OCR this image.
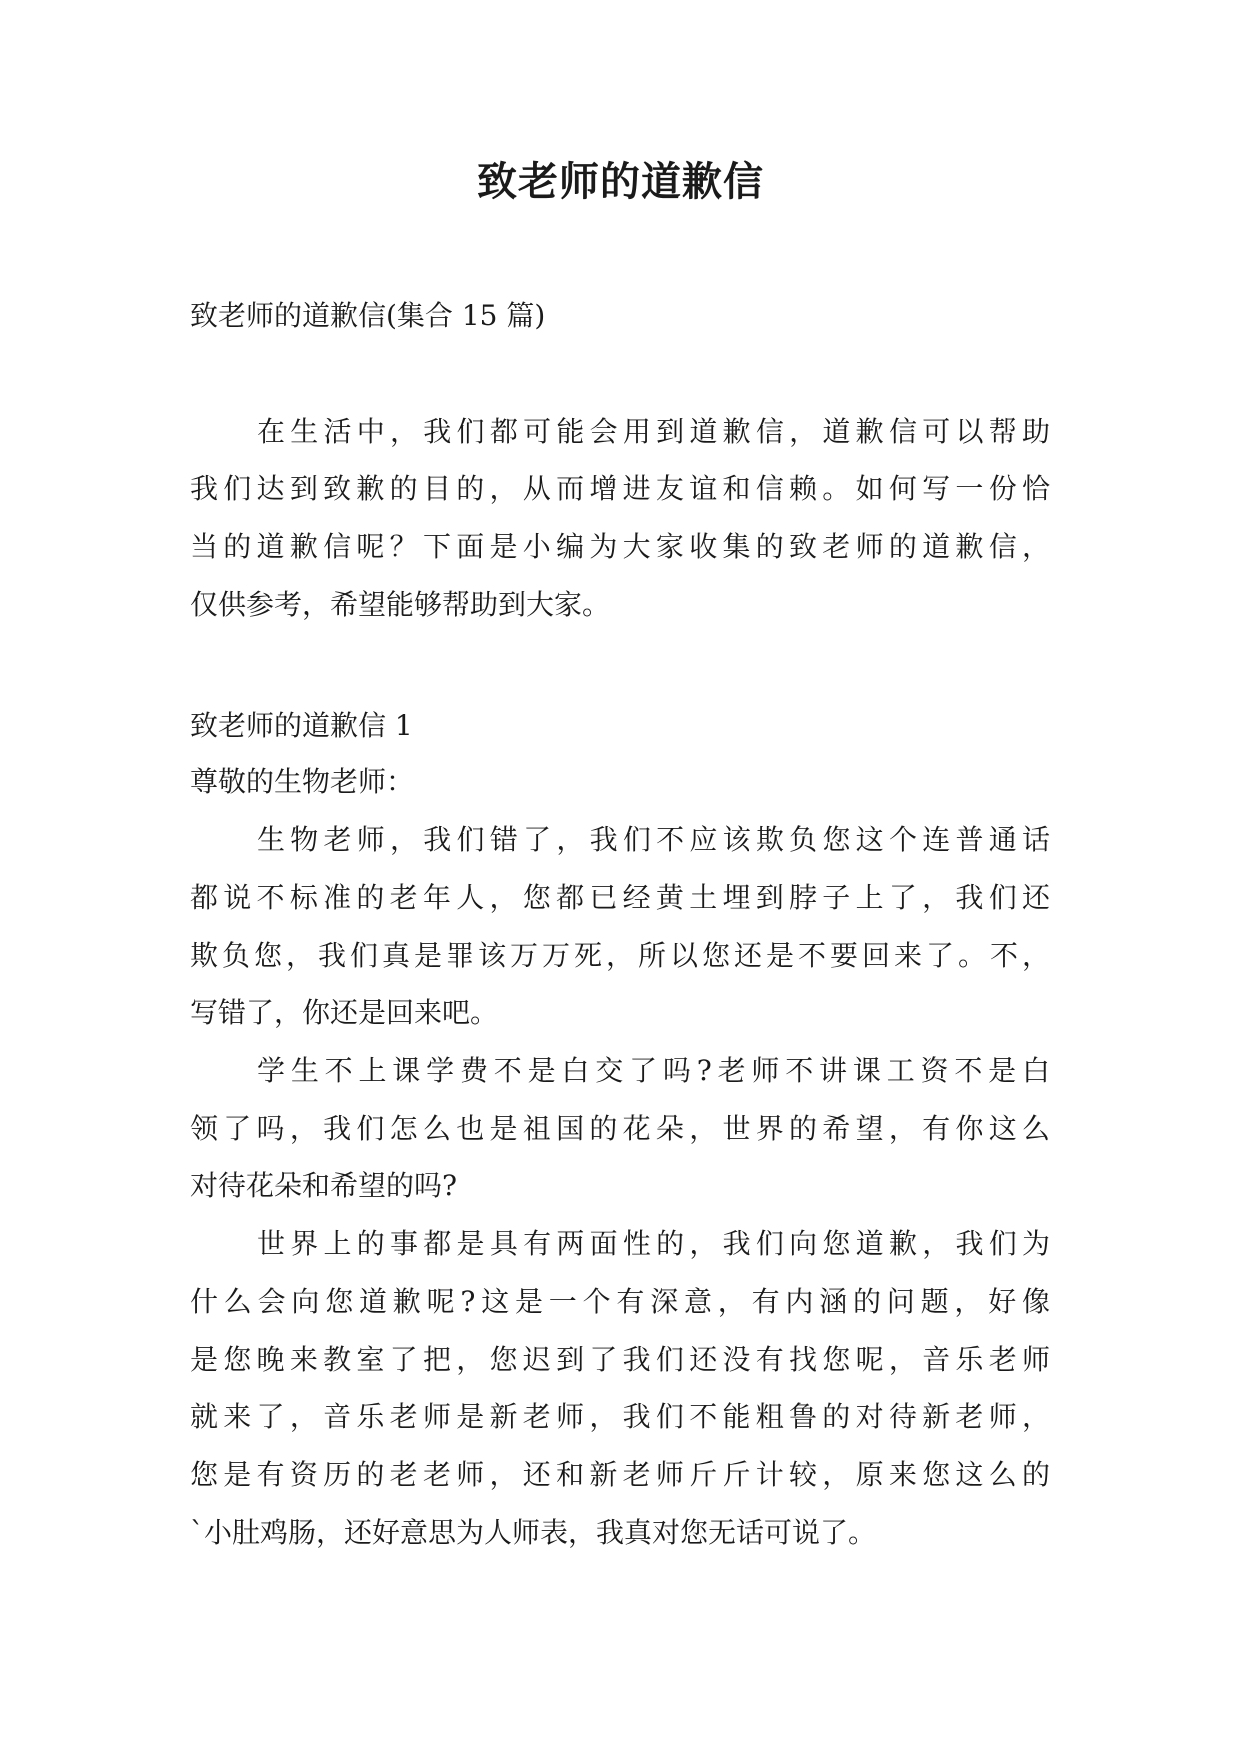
致老师的道歉信

致老师的道歉信(集合 15 篇)

在生活中，我们都可能会用到道歉信，道歉信可以帮助

我们达到致歉的目的，从而增进友谊和信赖。如何写一份恰

当的道歉信呢？下面是小编为大家收集的致老师的道歉信，

仅供参考，希望能够帮助到大家。

致老师的道歉信 1

尊敬的生物老师：

生物老师，我们错了，我们不应该欺负您这个连普通话

都说不标准的老年人，您都已经黄土埋到脖子上了，我们还

欺负您，我们真是罪该万万死，所以您还是不要回来了。不，

写错了，你还是回来吧。

学生不上课学费不是白交了吗?老师不讲课工资不是白

领了吗，我们怎么也是祖国的花朵，世界的希望，有你这么

对待花朵和希望的吗?

世界上的事都是具有两面性的，我们向您道歉，我们为

什么会向您道歉呢?这是一个有深意，有内涵的问题，好像

是您晚来教室了把，您迟到了我们还没有找您呢，音乐老师

就来了，音乐老师是新老师，我们不能粗鲁的对待新老师，

您是有资历的老老师，还和新老师斤斤计较，原来您这么的

`小肚鸡肠，还好意思为人师表，我真对您无话可说了。
